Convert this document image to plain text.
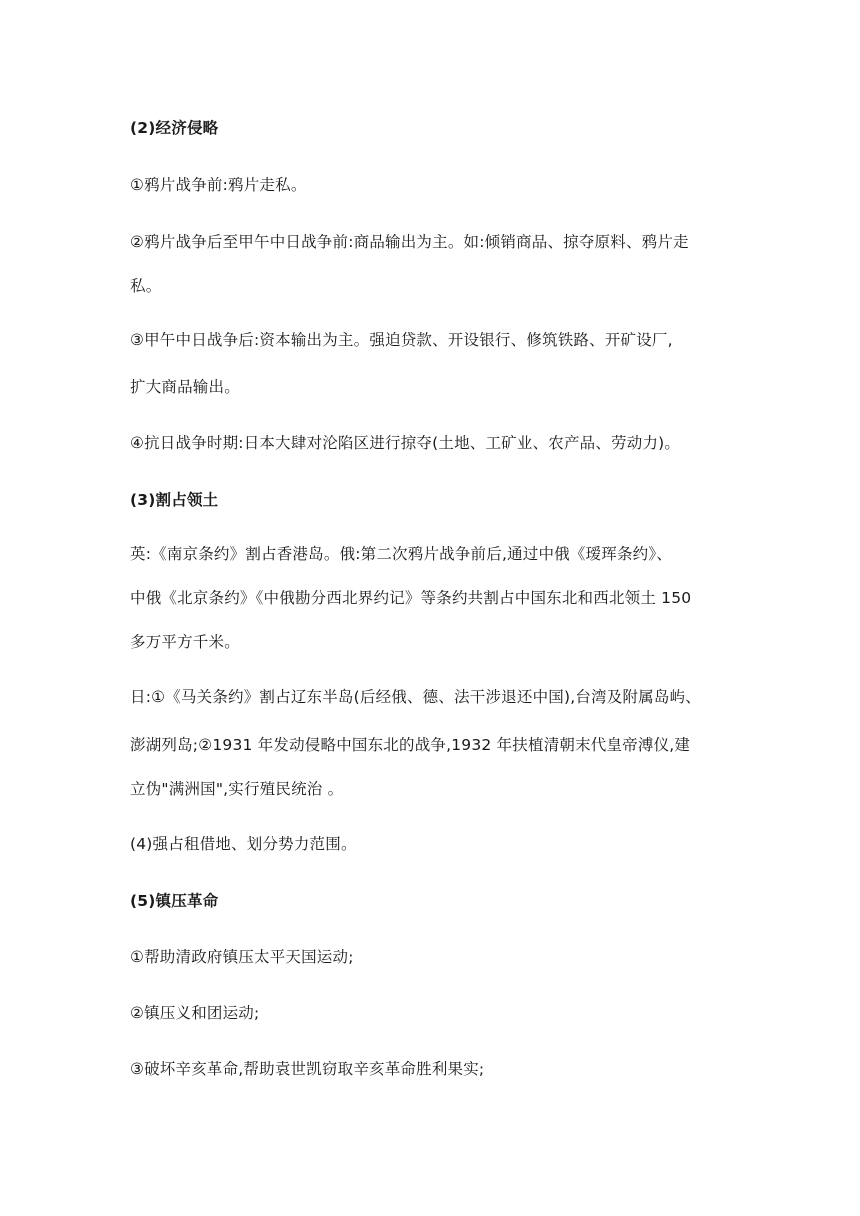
(2)经济侵略
①鸦片战争前:鸦片走私。
②鸦片战争后至甲午中日战争前:商品输出为主。如:倾销商品、掠夺原料、鸦片走
私。
③甲午中日战争后:资本输出为主。强迫贷款、开设银行、修筑铁路、开矿设厂,
扩大商品输出。
④抗日战争时期:日本大肆对沦陷区进行掠夺(土地、工矿业、农产品、劳动力)。
(3)割占领土
英:《南京条约》割占香港岛。俄:第二次鸦片战争前后,通过中俄《瑷珲条约》、
中俄《北京条约》《中俄勘分西北界约记》等条约共割占中国东北和西北领土 150
多万平方千米。
日:①《马关条约》割占辽东半岛(后经俄、德、法干涉退还中国),台湾及附属岛屿、
澎湖列岛;②1931 年发动侵略中国东北的战争,1932 年扶植清朝末代皇帝溥仪,建
立伪"满洲国",实行殖民统治 。
(4)强占租借地、划分势力范围。
(5)镇压革命
①帮助清政府镇压太平天国运动;
②镇压义和团运动;
③破坏辛亥革命,帮助袁世凯窃取辛亥革命胜利果实;
